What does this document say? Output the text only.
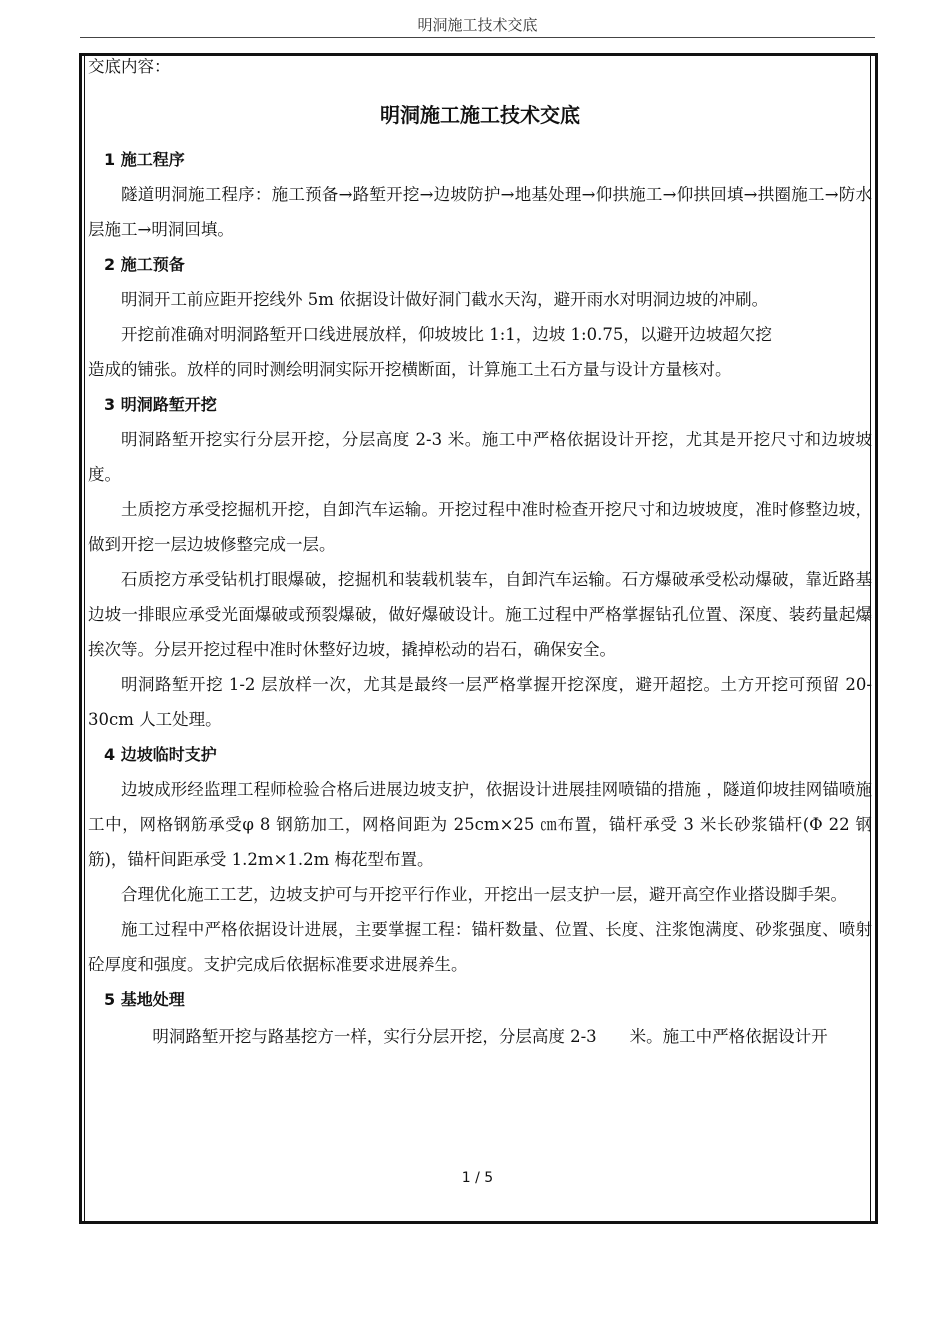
明洞施工技术交底
交底内容：
明洞施工施工技术交底
1 施工程序

隧道明洞施工程序：施工预备→路堑开挖→边坡防护→地基处理→仰拱施工→仰拱回填→拱圈施工→防水层施工→明洞回填。

2 施工预备

明洞开工前应距开挖线外 5m 依据设计做好洞门截水天沟，避开雨水对明洞边坡的冲刷。

开挖前准确对明洞路堑开口线进展放样，仰坡坡比 1:1，边坡 1:0.75，以避开边坡超欠挖

造成的铺张。放样的同时测绘明洞实际开挖横断面，计算施工土石方量与设计方量核对。

3 明洞路堑开挖

明洞路堑开挖实行分层开挖，分层高度 2-3 米。施工中严格依据设计开挖，尤其是开挖尺寸和边坡坡度。

土质挖方承受挖掘机开挖，自卸汽车运输。开挖过程中准时检查开挖尺寸和边坡坡度，准时修整边坡，做到开挖一层边坡修整完成一层。

石质挖方承受钻机打眼爆破，挖掘机和装载机装车，自卸汽车运输。石方爆破承受松动爆破，靠近路基边坡一排眼应承受光面爆破或预裂爆破，做好爆破设计。施工过程中严格掌握钻孔位置、深度、装药量起爆挨次等。分层开挖过程中准时休整好边坡，撬掉松动的岩石，确保安全。

明洞路堑开挖 1-2 层放样一次，尤其是最终一层严格掌握开挖深度，避开超挖。土方开挖可预留 20-30cm 人工处理。

4 边坡临时支护

边坡成形经监理工程师检验合格后进展边坡支护，依据设计进展挂网喷锚的措施 ，隧道仰坡挂网锚喷施工中，网格钢筋承受φ 8 钢筋加工，网格间距为 25cm×25 ㎝布置，锚杆承受 3 米长砂浆锚杆(Φ 22 钢筋)，锚杆间距承受 1.2m×1.2m 梅花型布置。

合理优化施工工艺，边坡支护可与开挖平行作业，开挖出一层支护一层，避开高空作业搭设脚手架。

施工过程中严格依据设计进展，主要掌握工程：锚杆数量、位置、长度、注浆饱满度、砂浆强度、喷射砼厚度和强度。支护完成后依据标准要求进展养生。

5 基地处理

明洞路堑开挖与路基挖方一样，实行分层开挖，分层高度 2-3　　米。施工中严格依据设计开

1 / 5
